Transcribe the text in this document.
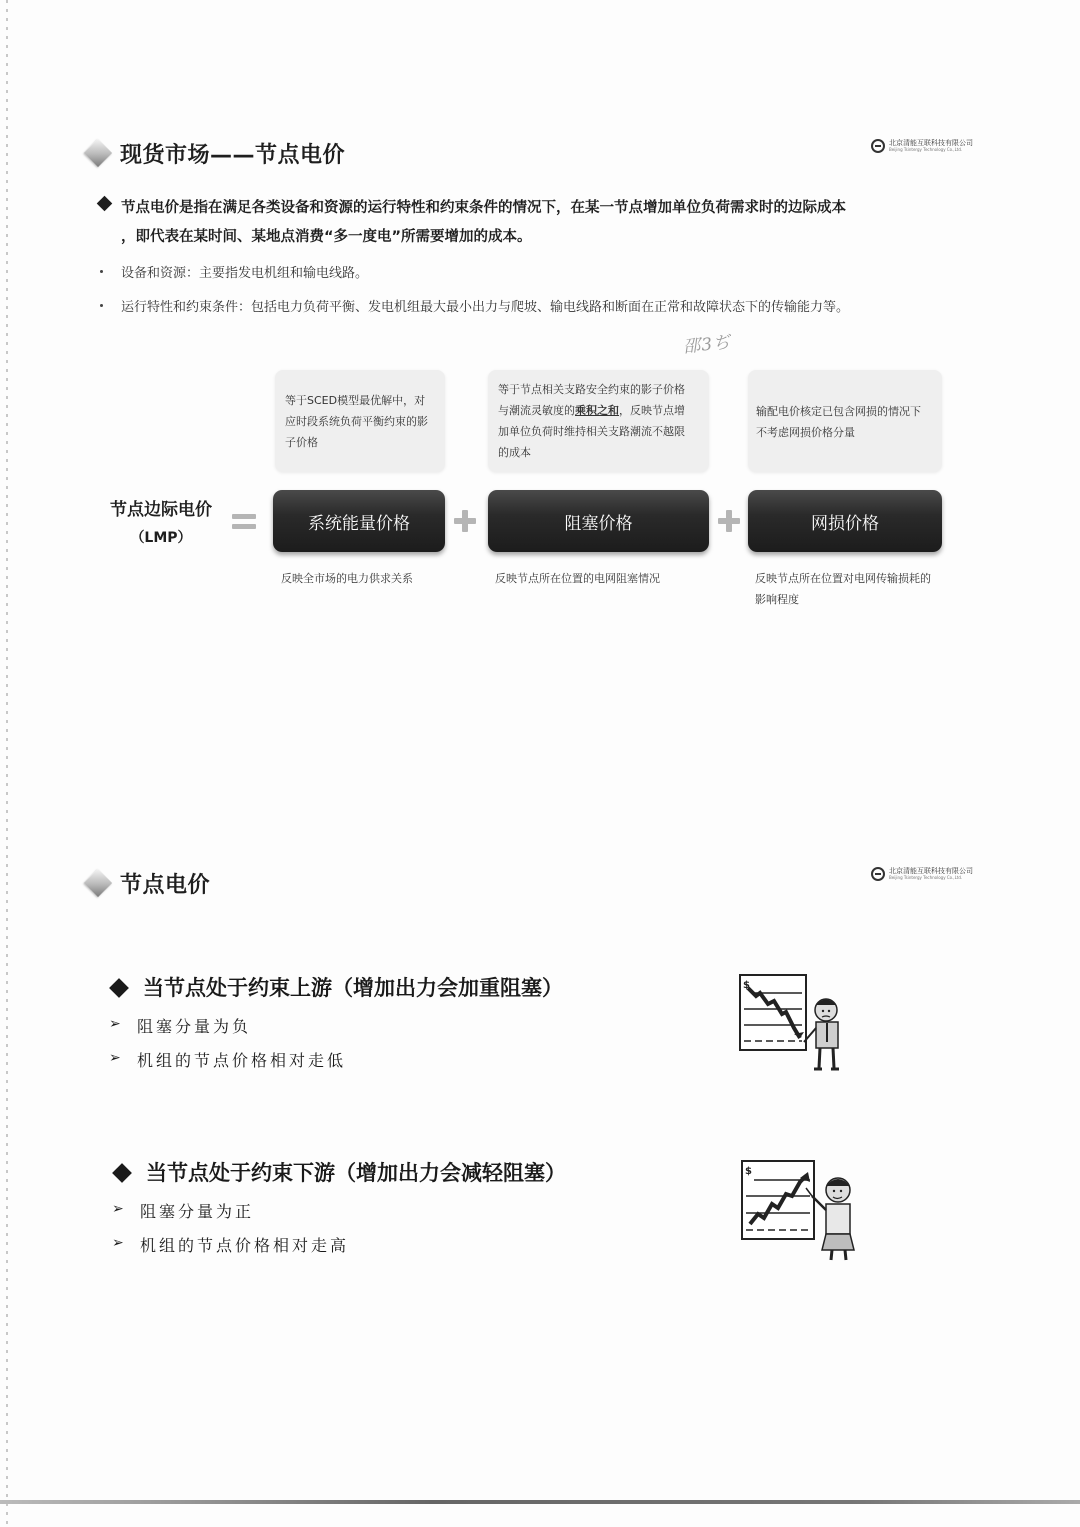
现货市场——节点电价	北京清能互联科技有限公司
Beijing Tsintergy Technology Co.,Ltd.
节点电价是指在满足各类设备和资源的运行特性和约束条件的情况下，在某一节点增加单位负荷需求时的边际成本
，即代表在某时间、某地点消费“多一度电”所需要增加的成本。
设备和资源：主要指发电机组和输电线路。
运行特性和约束条件：包括电力负荷平衡、发电机组最大最小出力与爬坡、输电线路和断面在正常和故障状态下的传输能力等。
邵3ぢ
等于SCED模型最优解中，对
应时段系统负荷平衡约束的影
子价格
等于节点相关支路安全约束的影子价格
与潮流灵敏度的乘积之和，反映节点增
加单位负荷时维持相关支路潮流不越限
的成本
输配电价核定已包含网损的情况下
不考虑网损价格分量
节点边际电价
（LMP）
系统能量价格	阻塞价格	网损价格
反映全市场的电力供求关系	反映节点所在位置的电网阻塞情况	反映节点所在位置对电网传输损耗的
影响程度
节点电价
北京清能互联科技有限公司
Beijing Tsintergy Technology Co.,Ltd.
当节点处于约束上游（增加出力会加重阻塞）
➢ 阻塞分量为负
➢ 机组的节点价格相对走低
$
当节点处于约束下游（增加出力会减轻阻塞）
➢ 阻塞分量为正
➢ 机组的节点价格相对走高
$
